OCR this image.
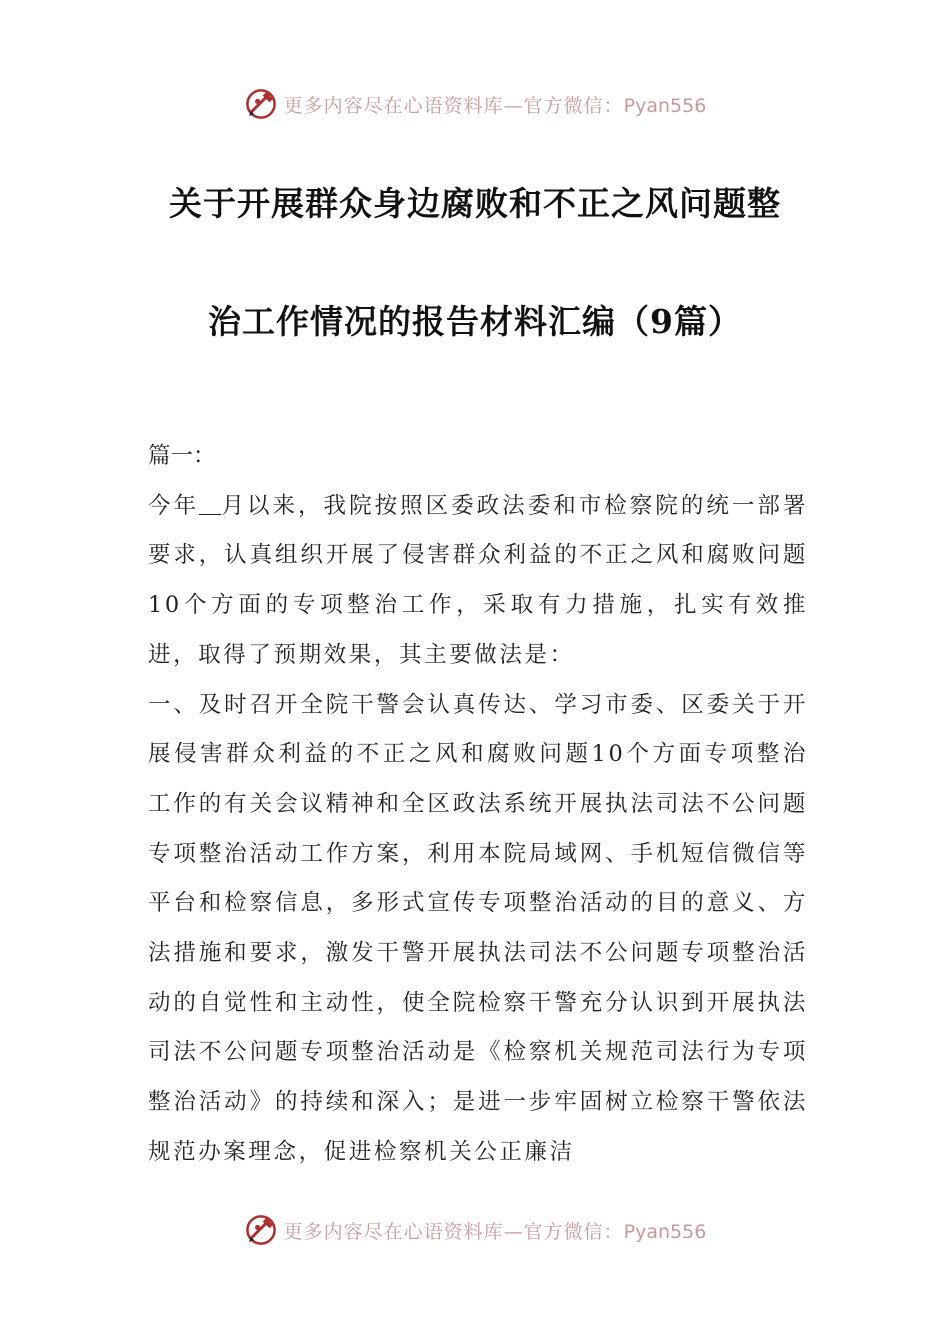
更多内容尽在心语资料库—官方微信：Pyan556
关于开展群众身边腐败和不正之风问题整
治工作情况的报告材料汇编（9篇）
篇一：

今年 月以来，我院按照区委政法委和市检察院的统一部署要求，认真组织开展了侵害群众利益的不正之风和腐败问题10个方面的专项整治工作，采取有力措施，扎实有效推进，取得了预期效果，其主要做法是：

一、及时召开全院干警会认真传达、学习市委、区委关于开展侵害群众利益的不正之风和腐败问题10个方面专项整治工作的有关会议精神和全区政法系统开展执法司法不公问题专项整治活动工作方案，利用本院局域网、手机短信微信等平台和检察信息，多形式宣传专项整治活动的目的意义、方法措施和要求，激发干警开展执法司法不公问题专项整治活动的自觉性和主动性，使全院检察干警充分认识到开展执法司法不公问题专项整治活动是《检察机关规范司法行为专项整治活动》的持续和深入；是进一步牢固树立检察干警依法规范办案理念，促进检察机关公正廉洁

更多内容尽在心语资料库—官方微信：Pyan556
